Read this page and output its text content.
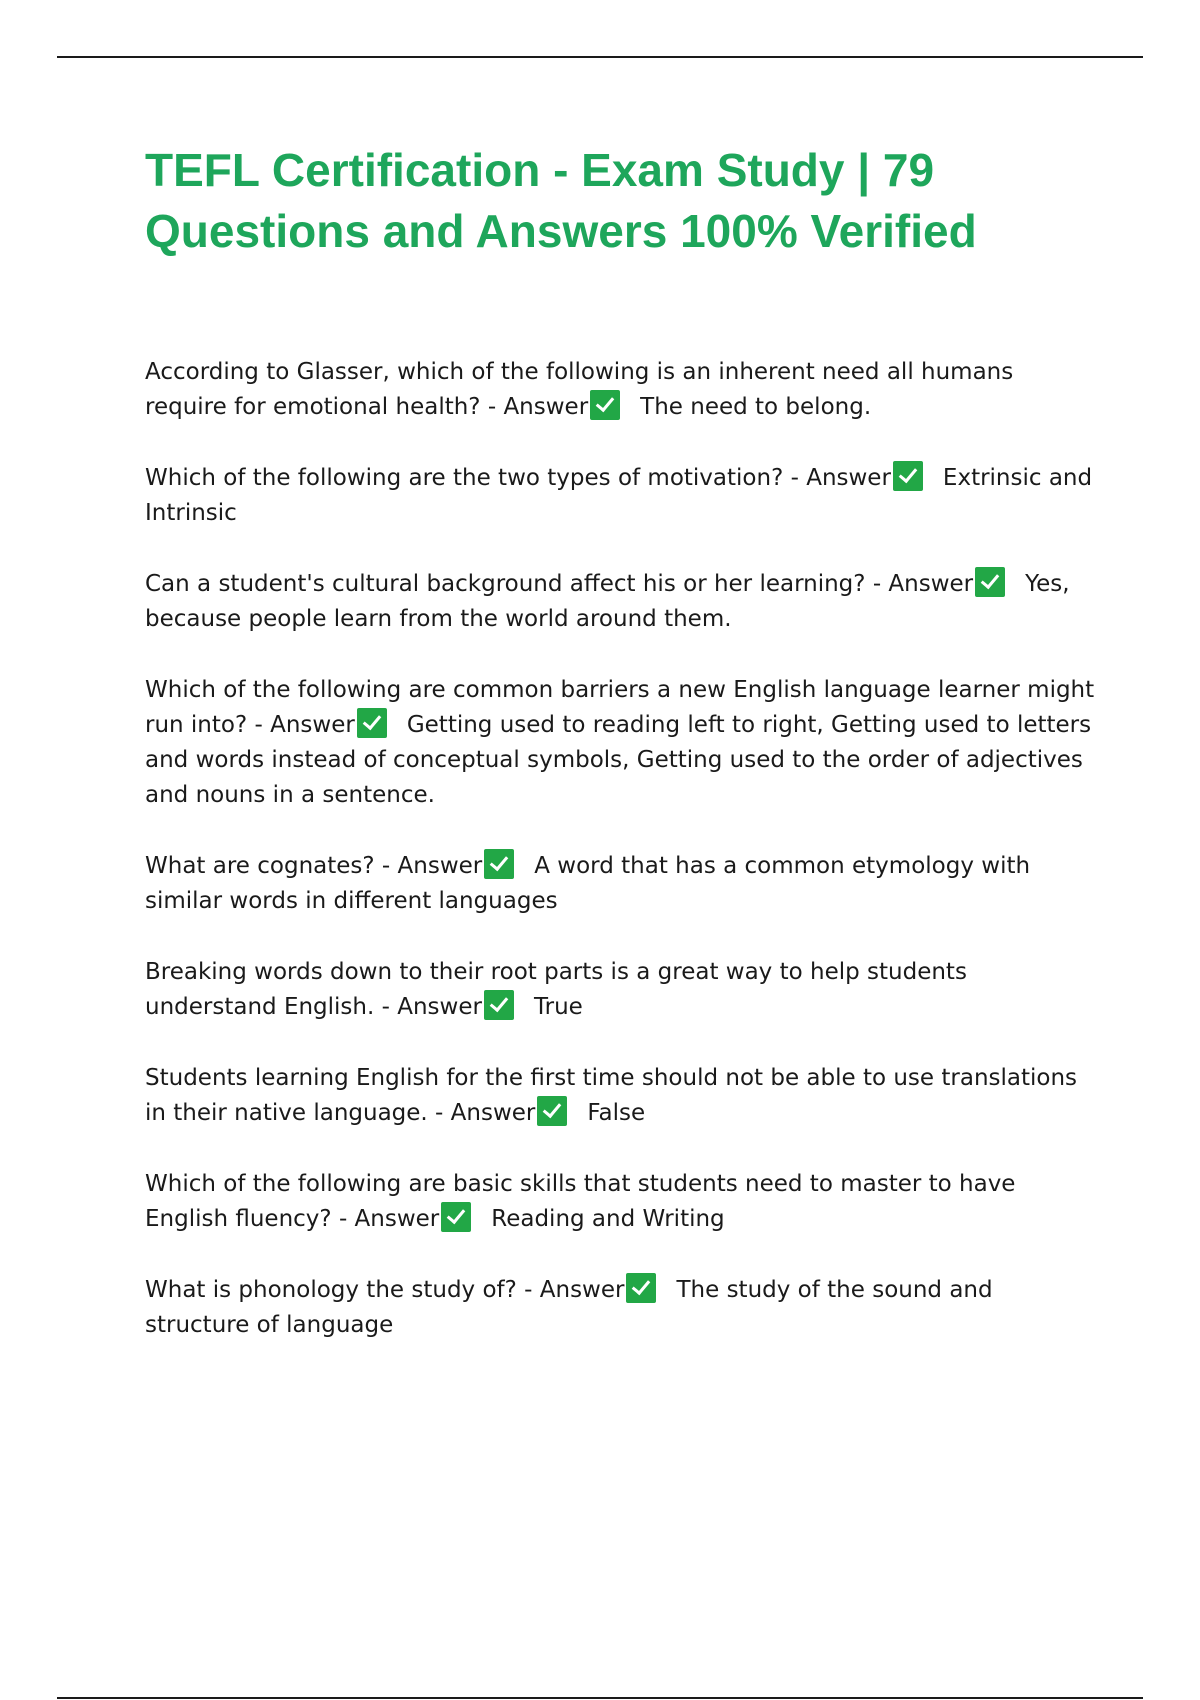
TEFL Certification - Exam Study | 79 Questions and Answers 100% Verified
According to Glasser, which of the following is an inherent need all humans require for emotional health? - Answer The need to belong.
Which of the following are the two types of motivation? - Answer Extrinsic and Intrinsic
Can a student's cultural background affect his or her learning? - Answer Yes, because people learn from the world around them.
Which of the following are common barriers a new English language learner might run into? - Answer Getting used to reading left to right, Getting used to letters and words instead of conceptual symbols, Getting used to the order of adjectives and nouns in a sentence.
What are cognates? - Answer A word that has a common etymology with similar words in different languages
Breaking words down to their root parts is a great way to help students understand English. - Answer True
Students learning English for the first time should not be able to use translations in their native language. - Answer False
Which of the following are basic skills that students need to master to have English fluency? - Answer Reading and Writing
What is phonology the study of? - Answer The study of the sound and structure of language
